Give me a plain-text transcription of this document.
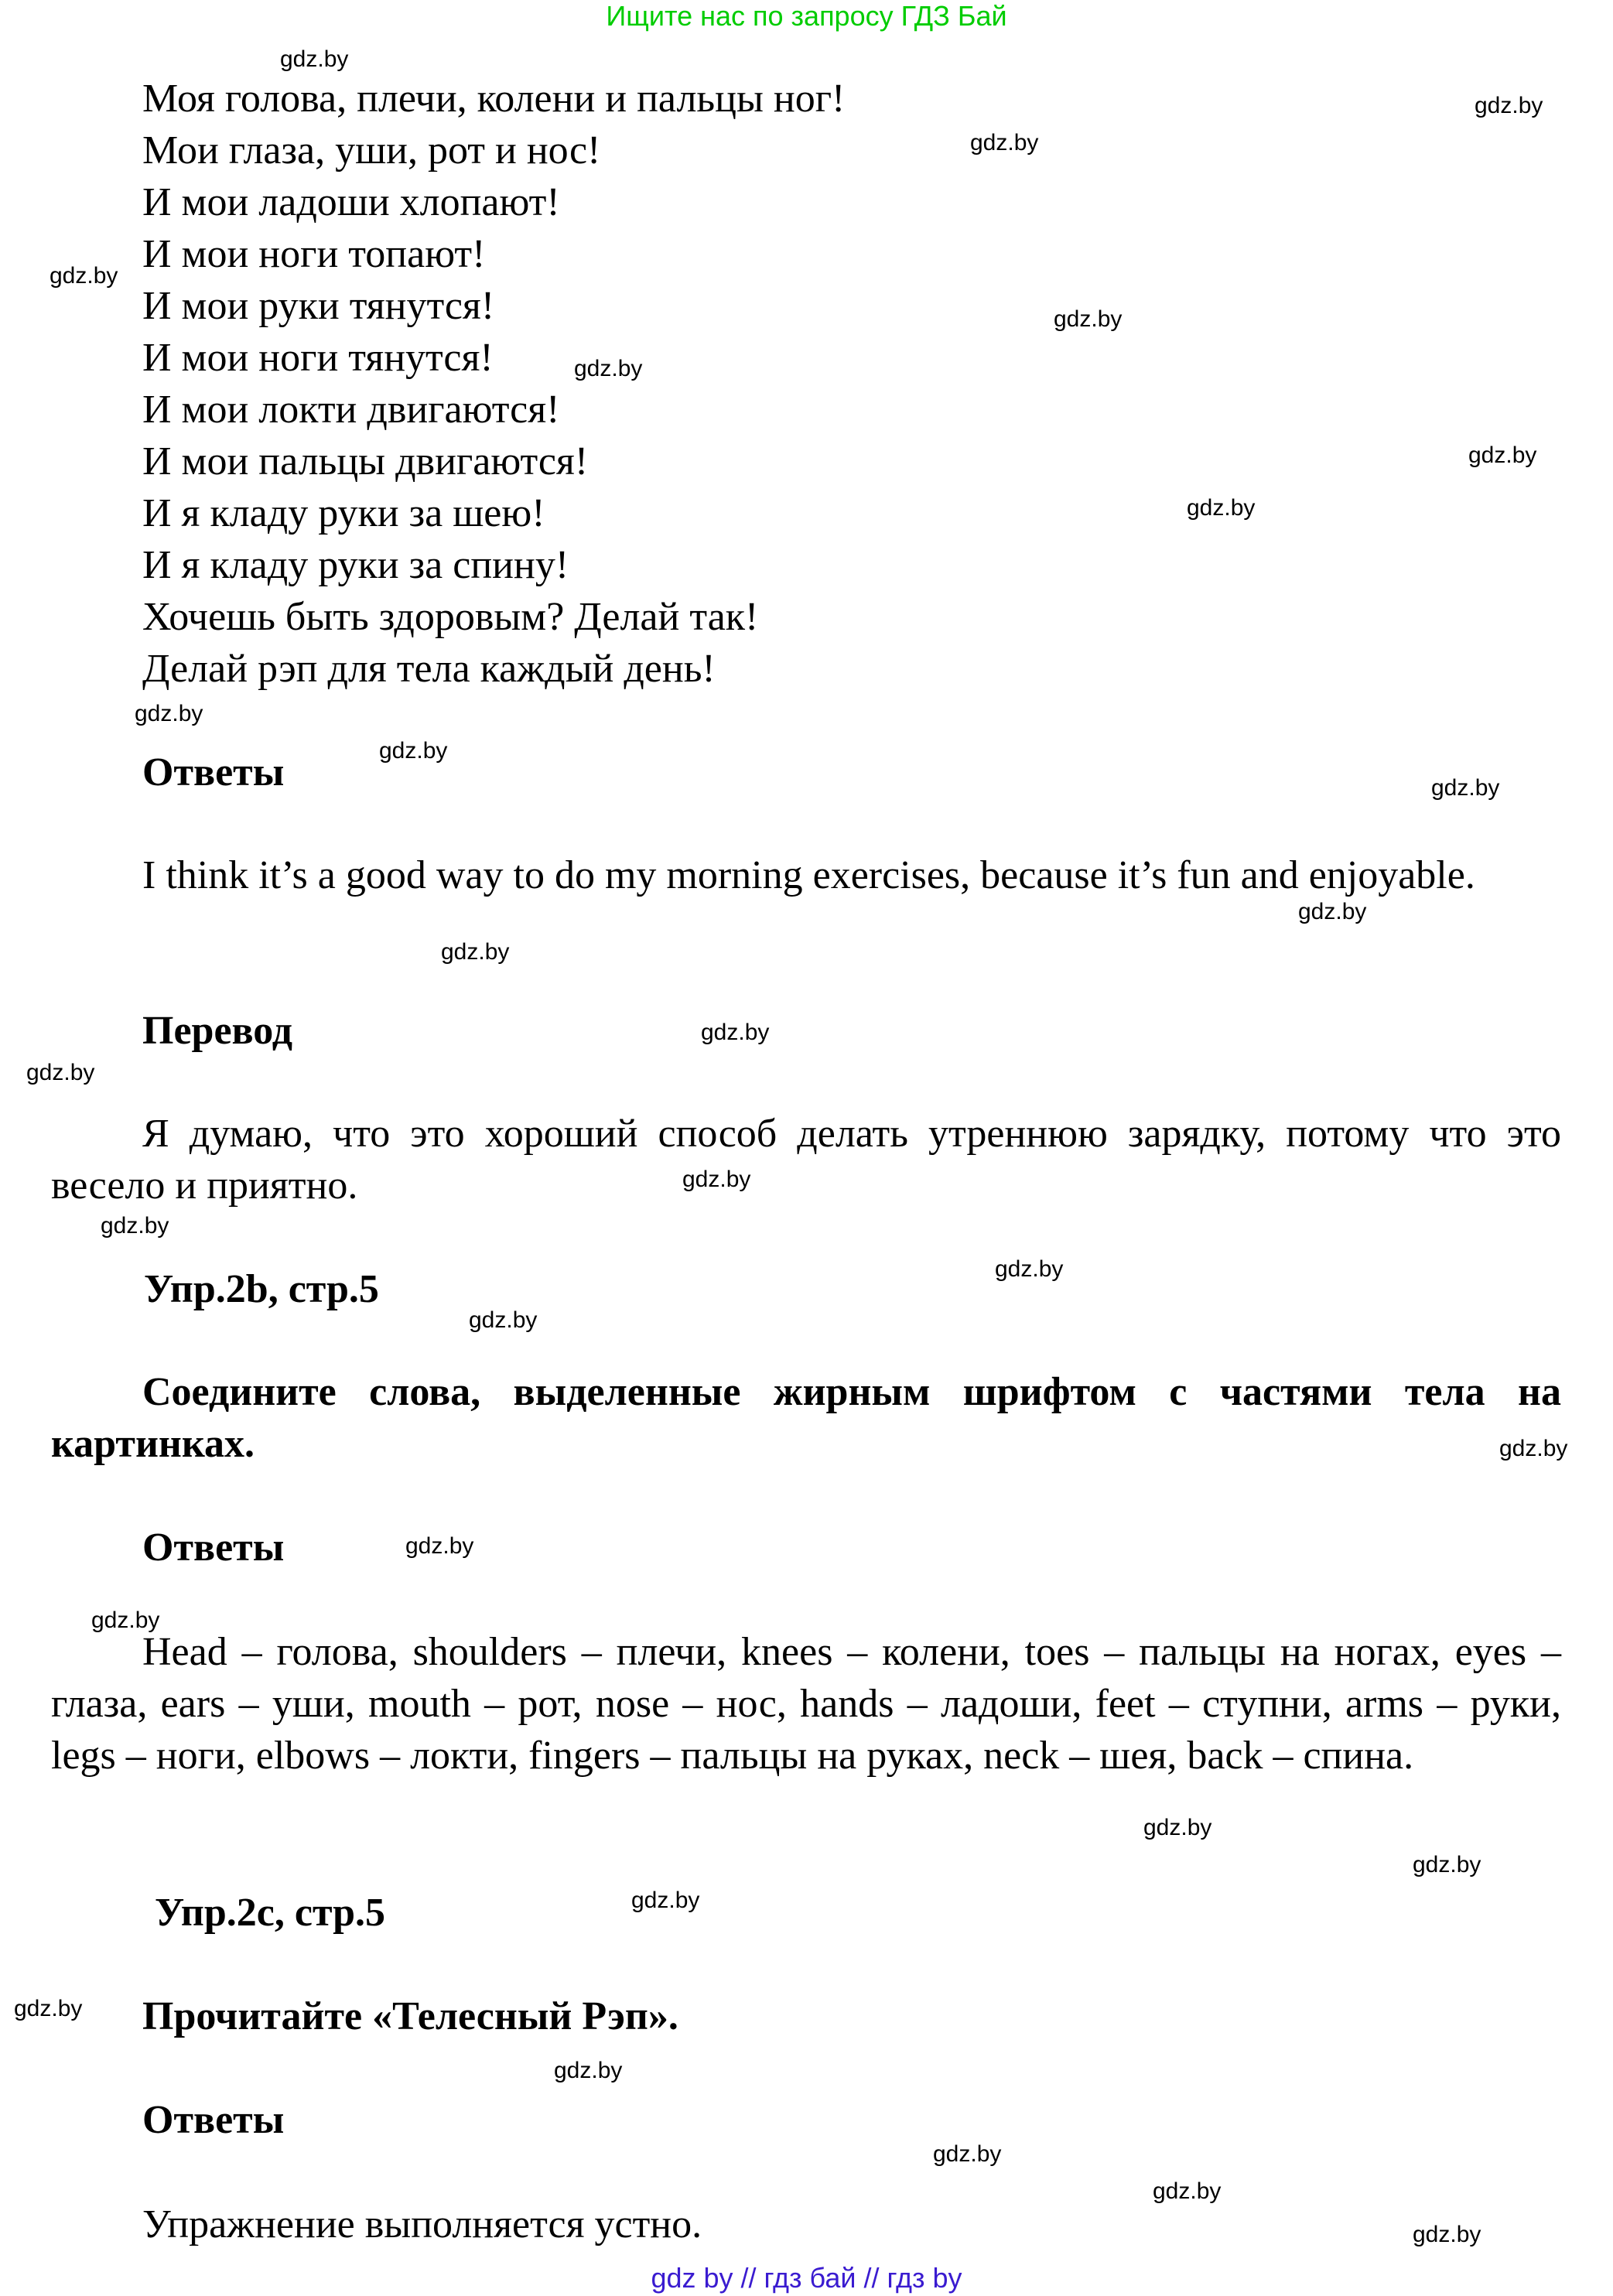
Ищите нас по запросу ГДЗ Бай
Моя голова, плечи, колени и пальцы ног!
Мои глаза, уши, рот и нос!
И мои ладоши хлопают!
И мои ноги топают!
И мои руки тянутся!
И мои ноги тянутся!
И мои локти двигаются!
И мои пальцы двигаются!
И я кладу руки за шею!
И я кладу руки за спину!
Хочешь быть здоровым? Делай так!
Делай рэп для тела каждый день!
Ответы
I think it’s a good way to do my morning exercises, because it’s fun and enjoyable.
Перевод
Я думаю, что это хороший способ делать утреннюю зарядку, потому что это весело и приятно.
Упр.2b, стр.5
Соедините слова, выделенные жирным шрифтом с частями тела на картинках.
Ответы
Head – голова, shoulders – плечи, knees – колени, toes – пальцы на ногах, eyes – глаза, ears – уши, mouth – рот, nose – нос, hands – ладоши, feet – ступни, arms – руки, legs – ноги, elbows – локти, fingers – пальцы на руках, neck – шея, back – спина.
Упр.2c, стр.5
Прочитайте «Телесный Рэп».
Ответы
Упражнение выполняется устно.
gdz.by
gdz.by
gdz.by
gdz.by
gdz.by
gdz.by
gdz.by
gdz.by
gdz.by
gdz.by
gdz.by
gdz.by
gdz.by
gdz.by
gdz.by
gdz.by
gdz.by
gdz.by
gdz.by
gdz.by
gdz.by
gdz.by
gdz.by
gdz.by
gdz.by
gdz.by
gdz.by
gdz.by
gdz.by
gdz.by
gdz by // гдз бай // гдз by
